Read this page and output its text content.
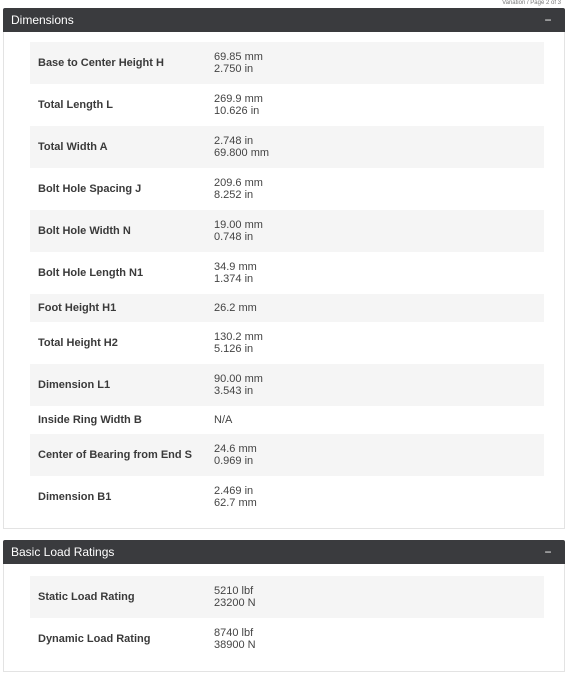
Variation / Page 2 of 3
Dimensions	−
Base to Center Height H	69.85 mm
2.750 in
Total Length L	269.9 mm
10.626 in
Total Width A	2.748 in
69.800 mm
Bolt Hole Spacing J	209.6 mm
8.252 in
Bolt Hole Width N	19.00 mm
0.748 in
Bolt Hole Length N1	34.9 mm
1.374 in
Foot Height H1	26.2 mm
Total Height H2	130.2 mm
5.126 in
Dimension L1	90.00 mm
3.543 in
Inside Ring Width B	N/A
Center of Bearing from End S	24.6 mm
0.969 in
Dimension B1	2.469 in
62.7 mm
Basic Load Ratings	−
Static Load Rating	5210 lbf
23200 N
Dynamic Load Rating	8740 lbf
38900 N
